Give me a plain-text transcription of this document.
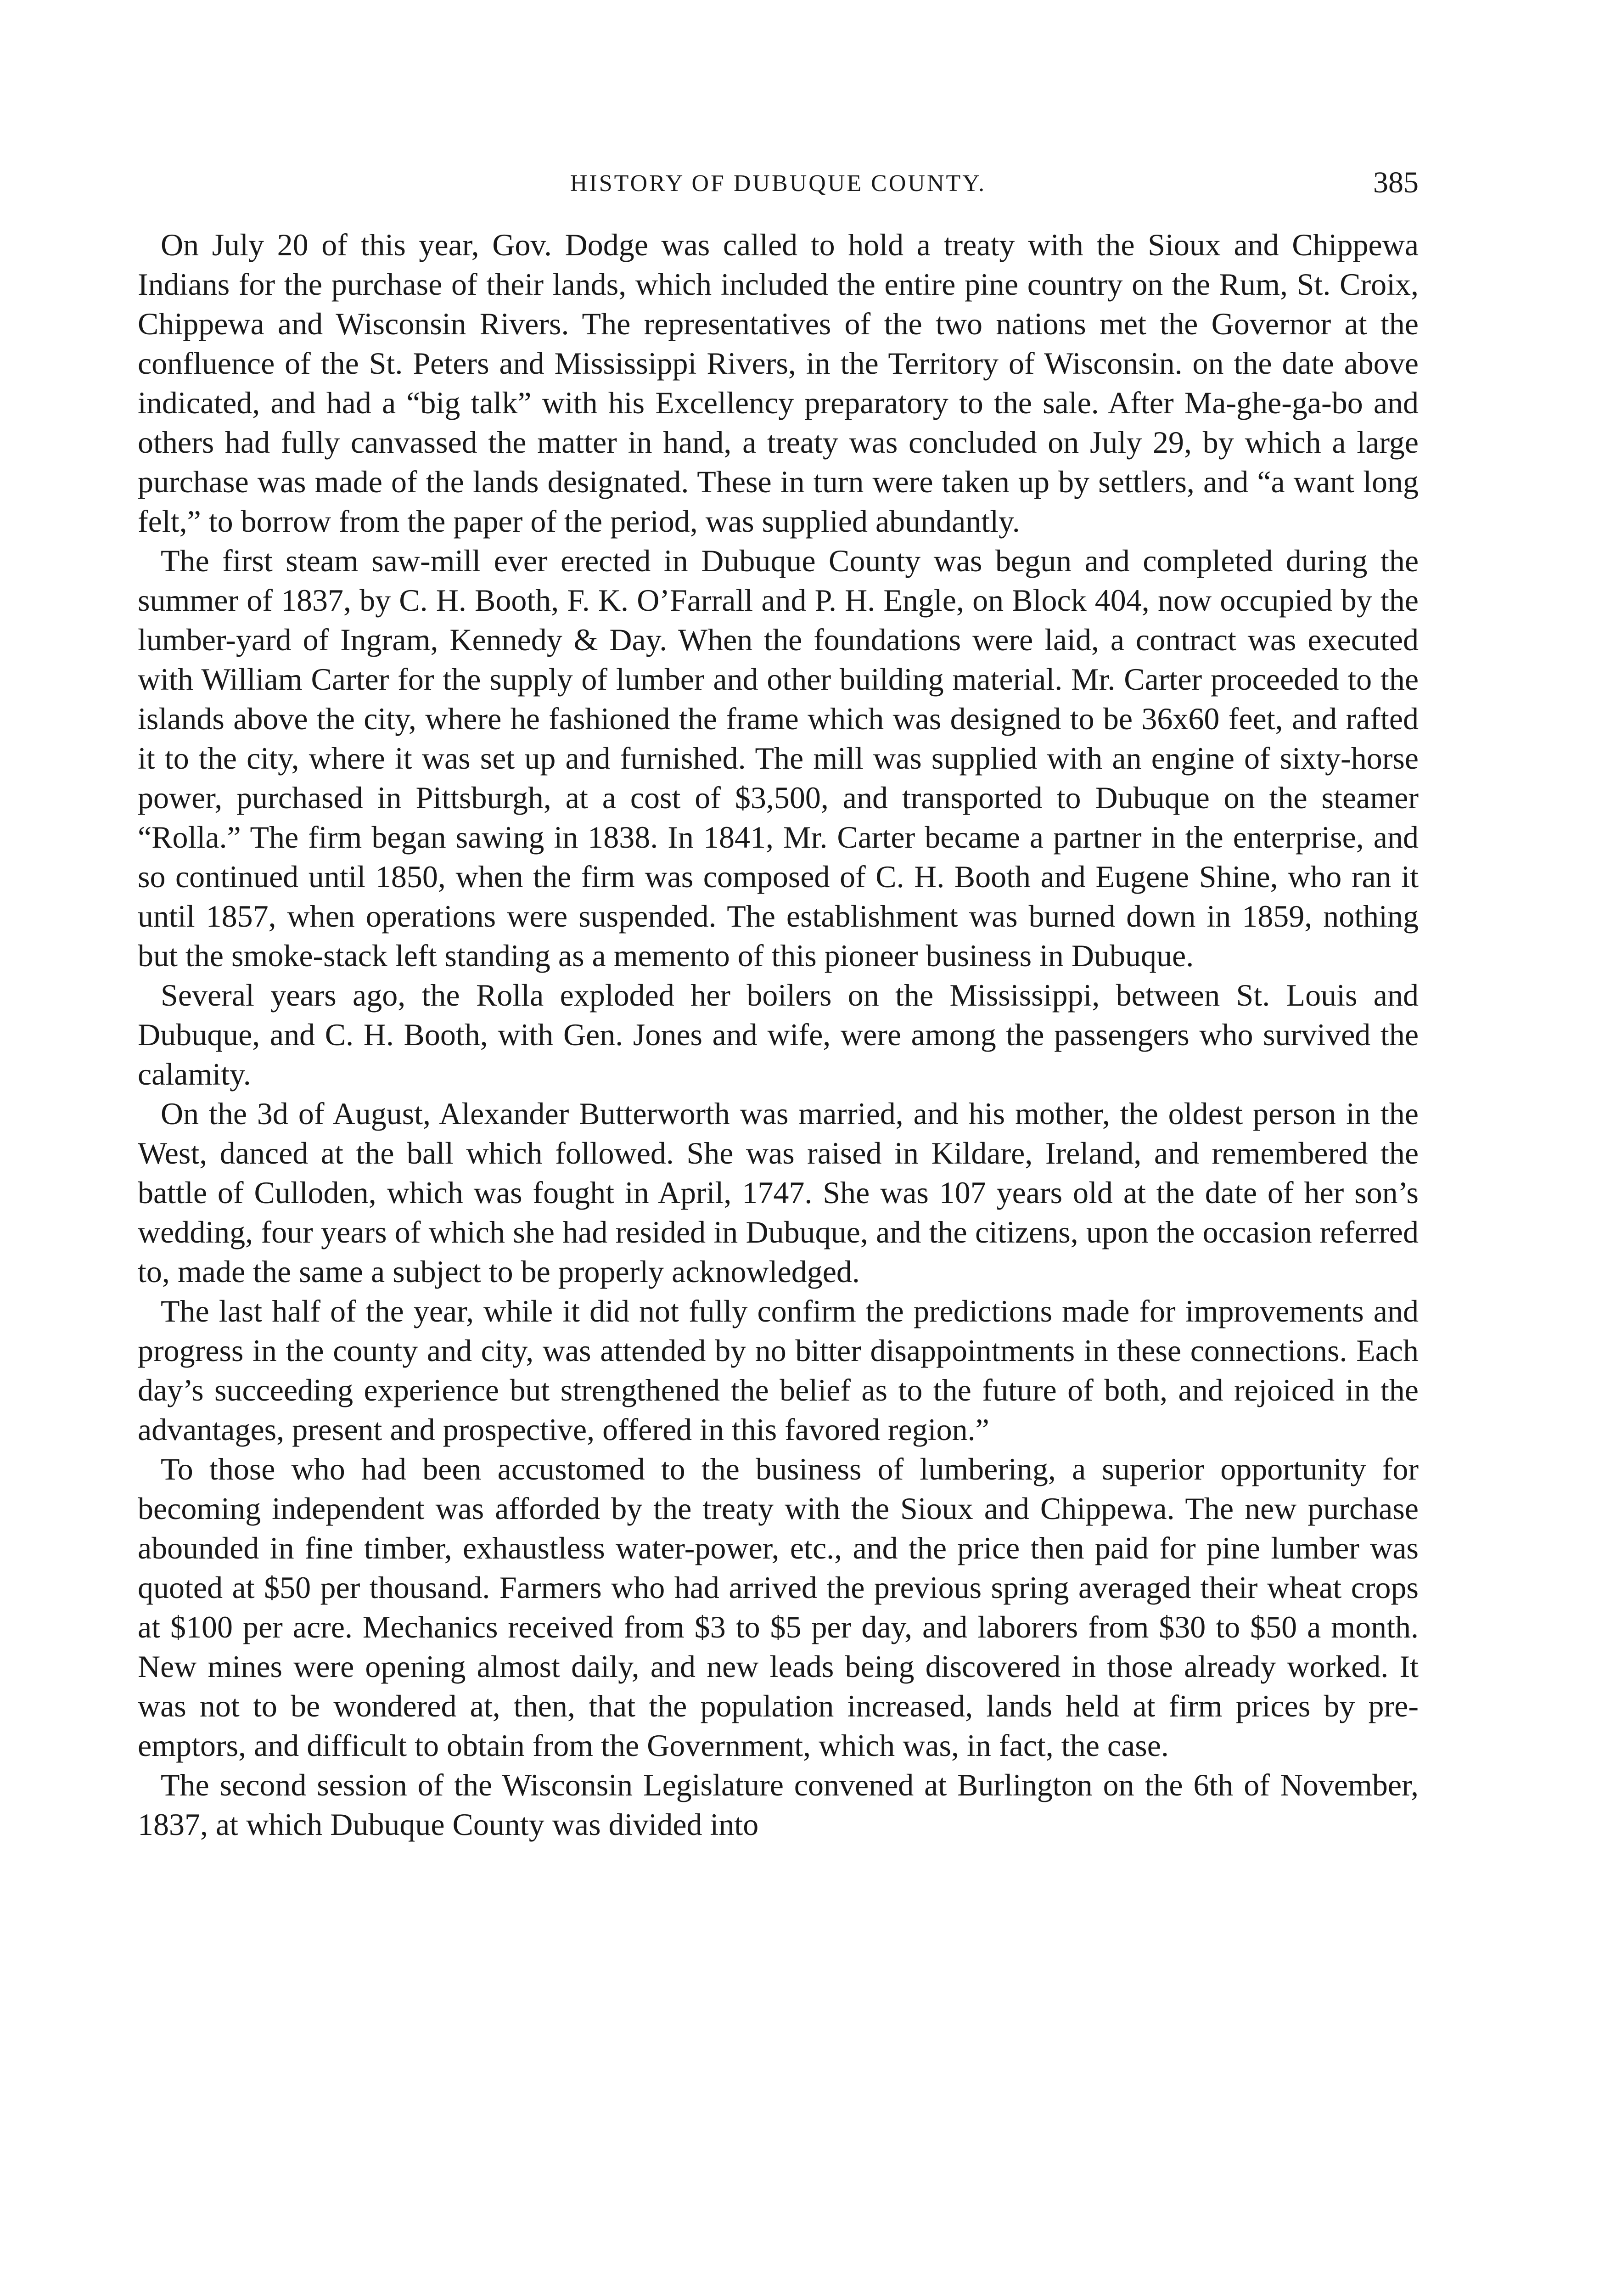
HISTORY OF DUBUQUE COUNTY.	385

On July 20 of this year, Gov. Dodge was called to hold a treaty with the Sioux and Chippewa Indians for the purchase of their lands, which included the entire pine country on the Rum, St. Croix, Chippewa and Wisconsin Rivers. The representatives of the two nations met the Governor at the confluence of the St. Peters and Mississippi Rivers, in the Territory of Wisconsin. on the date above indicated, and had a “big talk” with his Excellency preparatory to the sale. After Ma-ghe-ga-bo and others had fully canvassed the matter in hand, a treaty was concluded on July 29, by which a large purchase was made of the lands designated. These in turn were taken up by settlers, and “a want long felt,” to borrow from the paper of the period, was supplied abundantly.

The first steam saw-mill ever erected in Dubuque County was begun and completed during the summer of 1837, by C. H. Booth, F. K. O’Farrall and P. H. Engle, on Block 404, now occupied by the lumber-yard of Ingram, Kennedy & Day. When the foundations were laid, a contract was executed with William Carter for the supply of lumber and other building material. Mr. Carter proceeded to the islands above the city, where he fashioned the frame which was designed to be 36x60 feet, and rafted it to the city, where it was set up and furnished. The mill was supplied with an engine of sixty-horse power, purchased in Pittsburgh, at a cost of $3,500, and transported to Dubuque on the steamer “Rolla.” The firm began sawing in 1838. In 1841, Mr. Carter became a partner in the enterprise, and so continued until 1850, when the firm was composed of C. H. Booth and Eugene Shine, who ran it until 1857, when operations were suspended. The establishment was burned down in 1859, nothing but the smoke-stack left standing as a memento of this pioneer business in Dubuque.

Several years ago, the Rolla exploded her boilers on the Mississippi, between St. Louis and Dubuque, and C. H. Booth, with Gen. Jones and wife, were among the passengers who survived the calamity.

On the 3d of August, Alexander Butterworth was married, and his mother, the oldest person in the West, danced at the ball which followed. She was raised in Kildare, Ireland, and remembered the battle of Culloden, which was fought in April, 1747. She was 107 years old at the date of her son’s wedding, four years of which she had resided in Dubuque, and the citizens, upon the occasion referred to, made the same a subject to be properly acknowledged.

The last half of the year, while it did not fully confirm the predictions made for improvements and progress in the county and city, was attended by no bitter disappointments in these connections. Each day’s succeeding experience but strengthened the belief as to the future of both, and rejoiced in the advantages, present and prospective, offered in this favored region.”

To those who had been accustomed to the business of lumbering, a superior opportunity for becoming independent was afforded by the treaty with the Sioux and Chippewa. The new purchase abounded in fine timber, exhaustless water-power, etc., and the price then paid for pine lumber was quoted at $50 per thousand. Farmers who had arrived the previous spring averaged their wheat crops at $100 per acre. Mechanics received from $3 to $5 per day, and laborers from $30 to $50 a month. New mines were opening almost daily, and new leads being discovered in those already worked. It was not to be wondered at, then, that the population increased, lands held at firm prices by pre-emptors, and difficult to obtain from the Government, which was, in fact, the case.

The second session of the Wisconsin Legislature convened at Burlington on the 6th of November, 1837, at which Dubuque County was divided into
